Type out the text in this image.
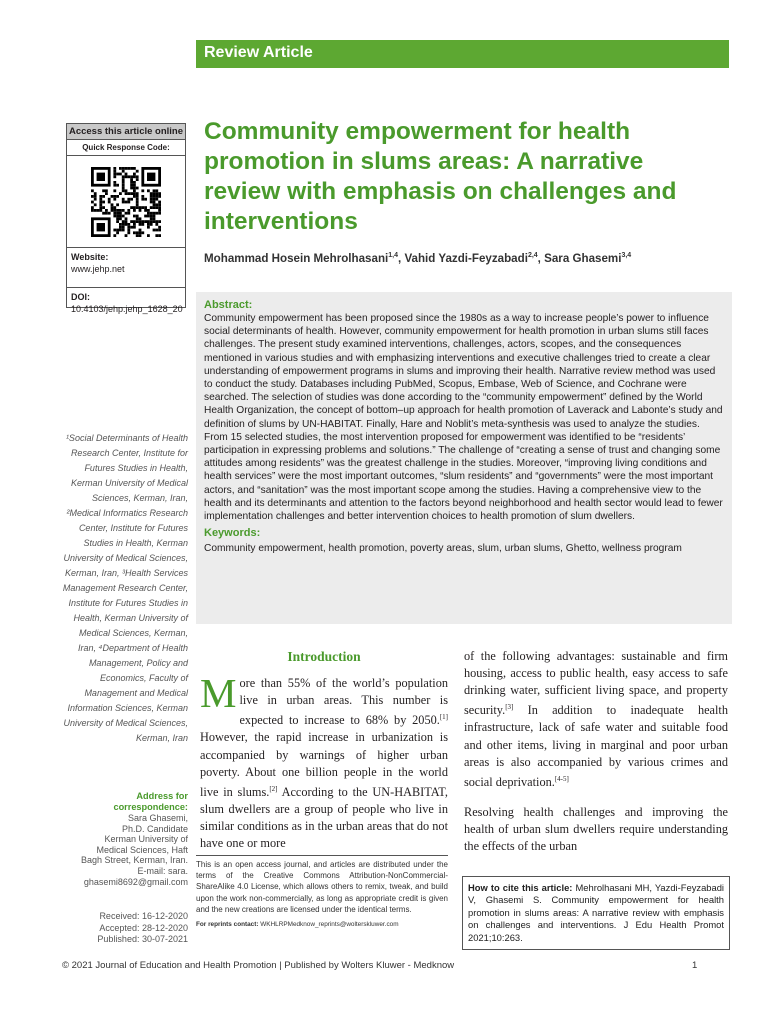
Review Article
Access this article online
Quick Response Code:
Website:
www.jehp.net
DOI:
10.4103/jehp.jehp_1628_20
Community empowerment for health promotion in slums areas: A narrative review with emphasis on challenges and interventions
Mohammad Hosein Mehrolhasani$^{1,4}$, Vahid Yazdi-Feyzabadi$^{2,4}$, Sara Ghasemi$^{3,4}$
Abstract:
Community empowerment has been proposed since the 1980s as a way to increase people’s power to influence social determinants of health. However, community empowerment for health promotion in urban slums still faces challenges. The present study examined interventions, challenges, actors, scopes, and the consequences mentioned in various studies and with emphasizing interventions and executive challenges tried to create a clear understanding of empowerment programs in slums and improving their health. Narrative review method was used to conduct the study. Databases including PubMed, Scopus, Embase, Web of Science, and Cochrane were searched. The selection of studies was done according to the “community empowerment” defined by the World Health Organization, the concept of bottom–up approach for health promotion of Laverack and Labonte’s study and definition of slums by UN-HABITAT. Finally, Hare and Noblit’s meta-synthesis was used to analyze the studies. From 15 selected studies, the most intervention proposed for empowerment was identified to be “residents’ participation in expressing problems and solutions.” The challenge of “creating a sense of trust and changing some attitudes among residents” was the greatest challenge in the studies. Moreover, “improving living conditions and health services” were the most important outcomes, “slum residents” and “governments” were the most important actors, and “sanitation” was the most important scope among the studies. Having a comprehensive view to the health and its determinants and attention to the factors beyond neighborhood and health sector would lead to fewer implementation challenges and better intervention choices to health promotion of slum dwellers.
Keywords:
Community empowerment, health promotion, poverty areas, slum, urban slums, Ghetto, wellness program
¹Social Determinants of Health Research Center, Institute for Futures Studies in Health, Kerman University of Medical Sciences, Kerman, Iran, ²Medical Informatics Research Center, Institute for Futures Studies in Health, Kerman University of Medical Sciences, Kerman, Iran, ³Health Services Management Research Center, Institute for Futures Studies in Health, Kerman University of Medical Sciences, Kerman, Iran, ⁴Department of Health Management, Policy and Economics, Faculty of Management and Medical Information Sciences, Kerman University of Medical Sciences, Kerman, Iran
Address for correspondence:
Sara Ghasemi,
Ph.D. Candidate
Kerman University of
Medical Sciences, Haft
Bagh Street, Kerman, Iran.
E-mail: sara.
ghasemi8692@gmail.com
Received: 16-12-2020
Accepted: 28-12-2020
Published: 30-07-2021
Introduction

More than 55% of the world’s population live in urban areas. This number is expected to increase to 68% by 2050.[1] However, the rapid increase in urbanization is accompanied by warnings of higher urban poverty. About one billion people in the world live in slums.[2] According to the UN-HABITAT, slum dwellers are a group of people who live in similar conditions as in the urban areas that do not have one or more

of the following advantages: sustainable and firm housing, access to public health, easy access to safe drinking water, sufficient living space, and property security.[3] In addition to inadequate health infrastructure, lack of safe water and suitable food and other items, living in marginal and poor urban areas is also accompanied by various crimes and social deprivation.[4-5]

Resolving health challenges and improving the health of urban slum dwellers require understanding the effects of the urban

This is an open access journal, and articles are distributed under the terms of the Creative Commons Attribution-NonCommercial-ShareAlike 4.0 License, which allows others to remix, tweak, and build upon the work non-commercially, as long as appropriate credit is given and the new creations are licensed under the identical terms.
For reprints contact: WKHLRPMedknow_reprints@wolterskluwer.com
How to cite this article: Mehrolhasani MH, Yazdi-Feyzabadi V, Ghasemi S. Community empowerment for health promotion in slums areas: A narrative review with emphasis on challenges and interventions. J Edu Health Promot 2021;10:263.
© 2021 Journal of Education and Health Promotion | Published by Wolters Kluwer - Medknow	1
